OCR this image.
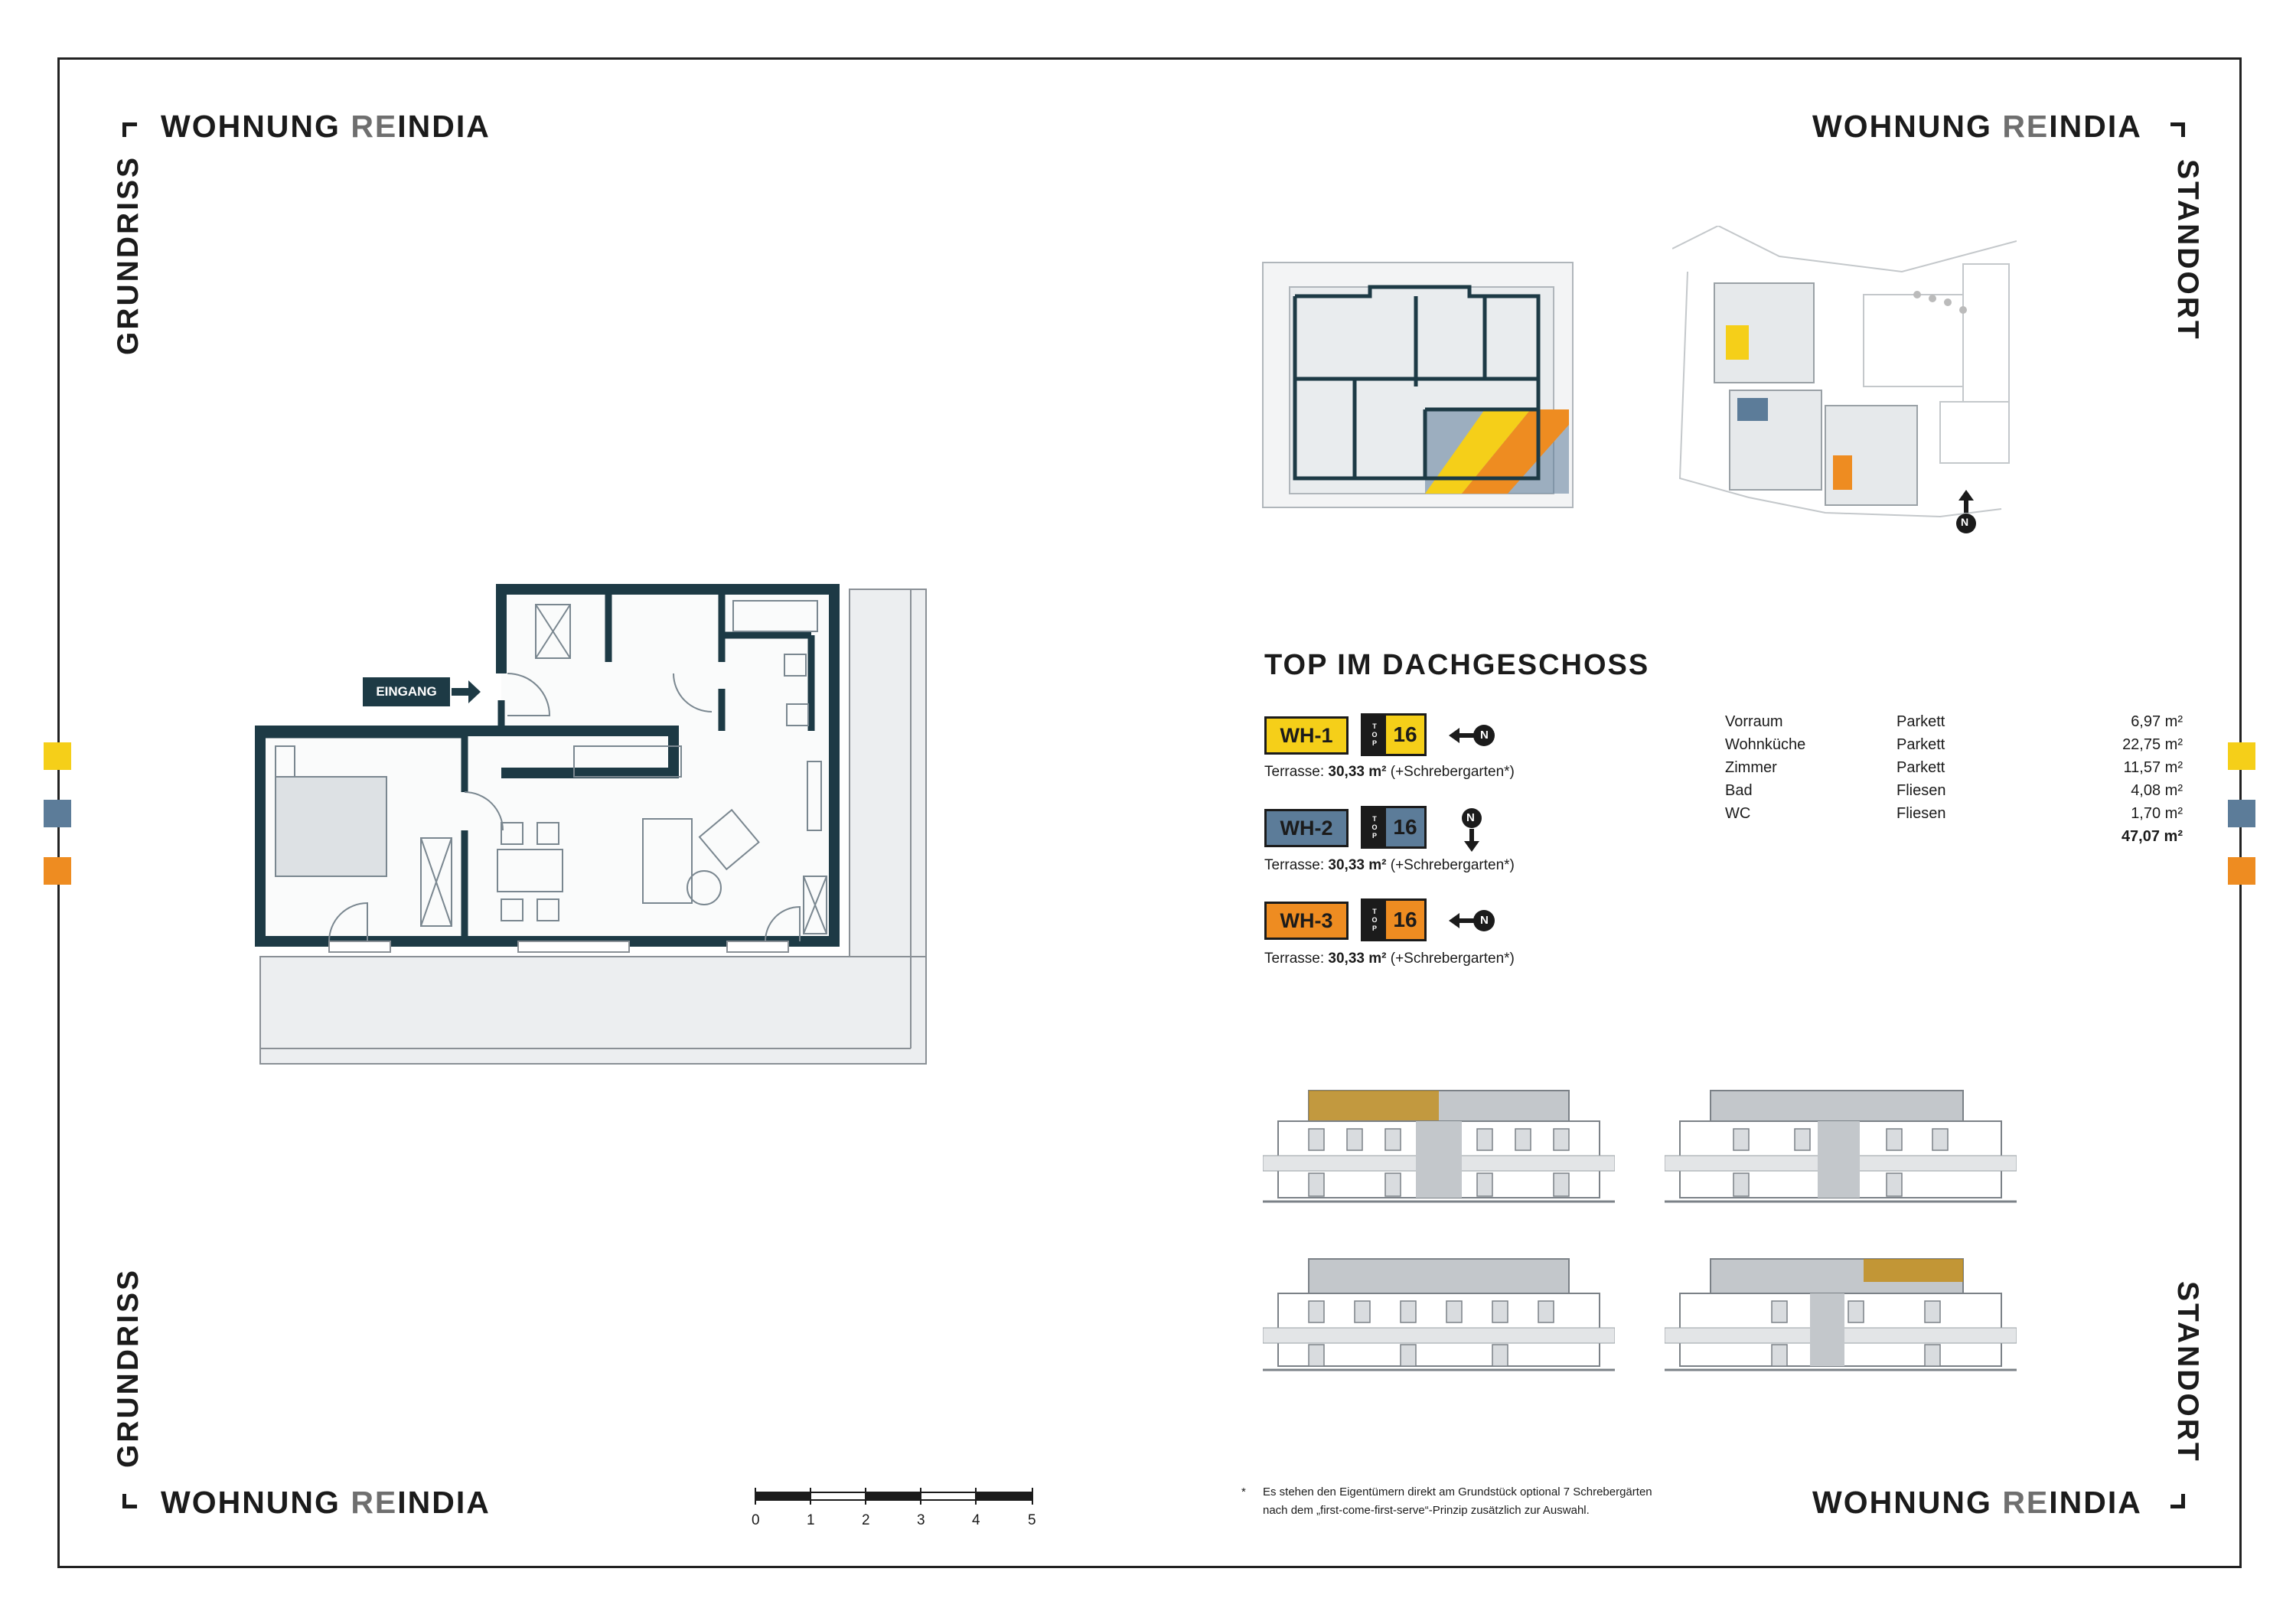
WOHNUNG REINDIA	WOHNUNG REINDIA
WOHNUNG REINDIA	WOHNUNG REINDIA
GRUNDRISS
GRUNDRISS
STANDORT
STANDORT
EINGANG
N
TOP IM DACHGESCHOSS
WH-1	T
O
P 16	N
Terrasse: 30,33 m² (+Schrebergarten*)
WH-2	T
O
P 16	N
Terrasse: 30,33 m² (+Schrebergarten*)
WH-3	T
O
P 16	N
Terrasse: 30,33 m² (+Schrebergarten*)
Vorraum	Parkett	6,97 m²
Wohnküche	Parkett	22,75 m²
Zimmer	Parkett	11,57 m²
Bad	Fliesen	4,08 m²
WC	Fliesen	1,70 m²
47,07 m²
0	1	2	3	4	5
* Es stehen den Eigentümern direkt am Grundstück optional 7 Schrebergärten
nach dem „first-come-first-serve“-Prinzip zusätzlich zur Auswahl.
